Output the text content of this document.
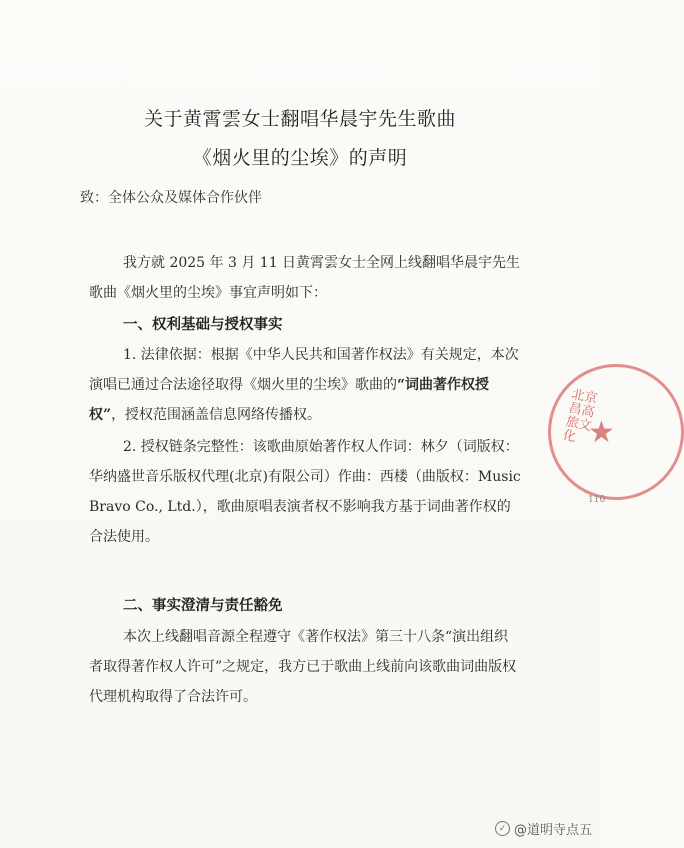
关于黄霄雲女士翻唱华晨宇先生歌曲
《烟火里的尘埃》的声明
致：全体公众及媒体合作伙伴

我方就 2025 年 3 月 11 日黄霄雲女士全网上线翻唱华晨宇先生歌曲《烟火里的尘埃》事宜声明如下：

一、权利基础与授权事实

1. 法律依据：根据《中华人民共和国著作权法》有关规定，本次演唱已通过合法途径取得《烟火里的尘埃》歌曲的“词曲著作权授权”，授权范围涵盖信息网络传播权。

2. 授权链条完整性：该歌曲原始著作权人作词：林夕（词版权：华纳盛世音乐版权代理(北京)有限公司）作曲：西楼（曲版权：Music Bravo Co., Ltd.），歌曲原唱表演者权不影响我方基于词曲著作权的合法使用。

二、事实澄清与责任豁免

本次上线翻唱音源全程遵守《著作权法》第三十八条“演出组织者取得著作权人许可”之规定，我方已于歌曲上线前向该歌曲词曲版权代理机构取得了合法许可。

★
北京昌高旅文化
110
✓ @道明寺点五
